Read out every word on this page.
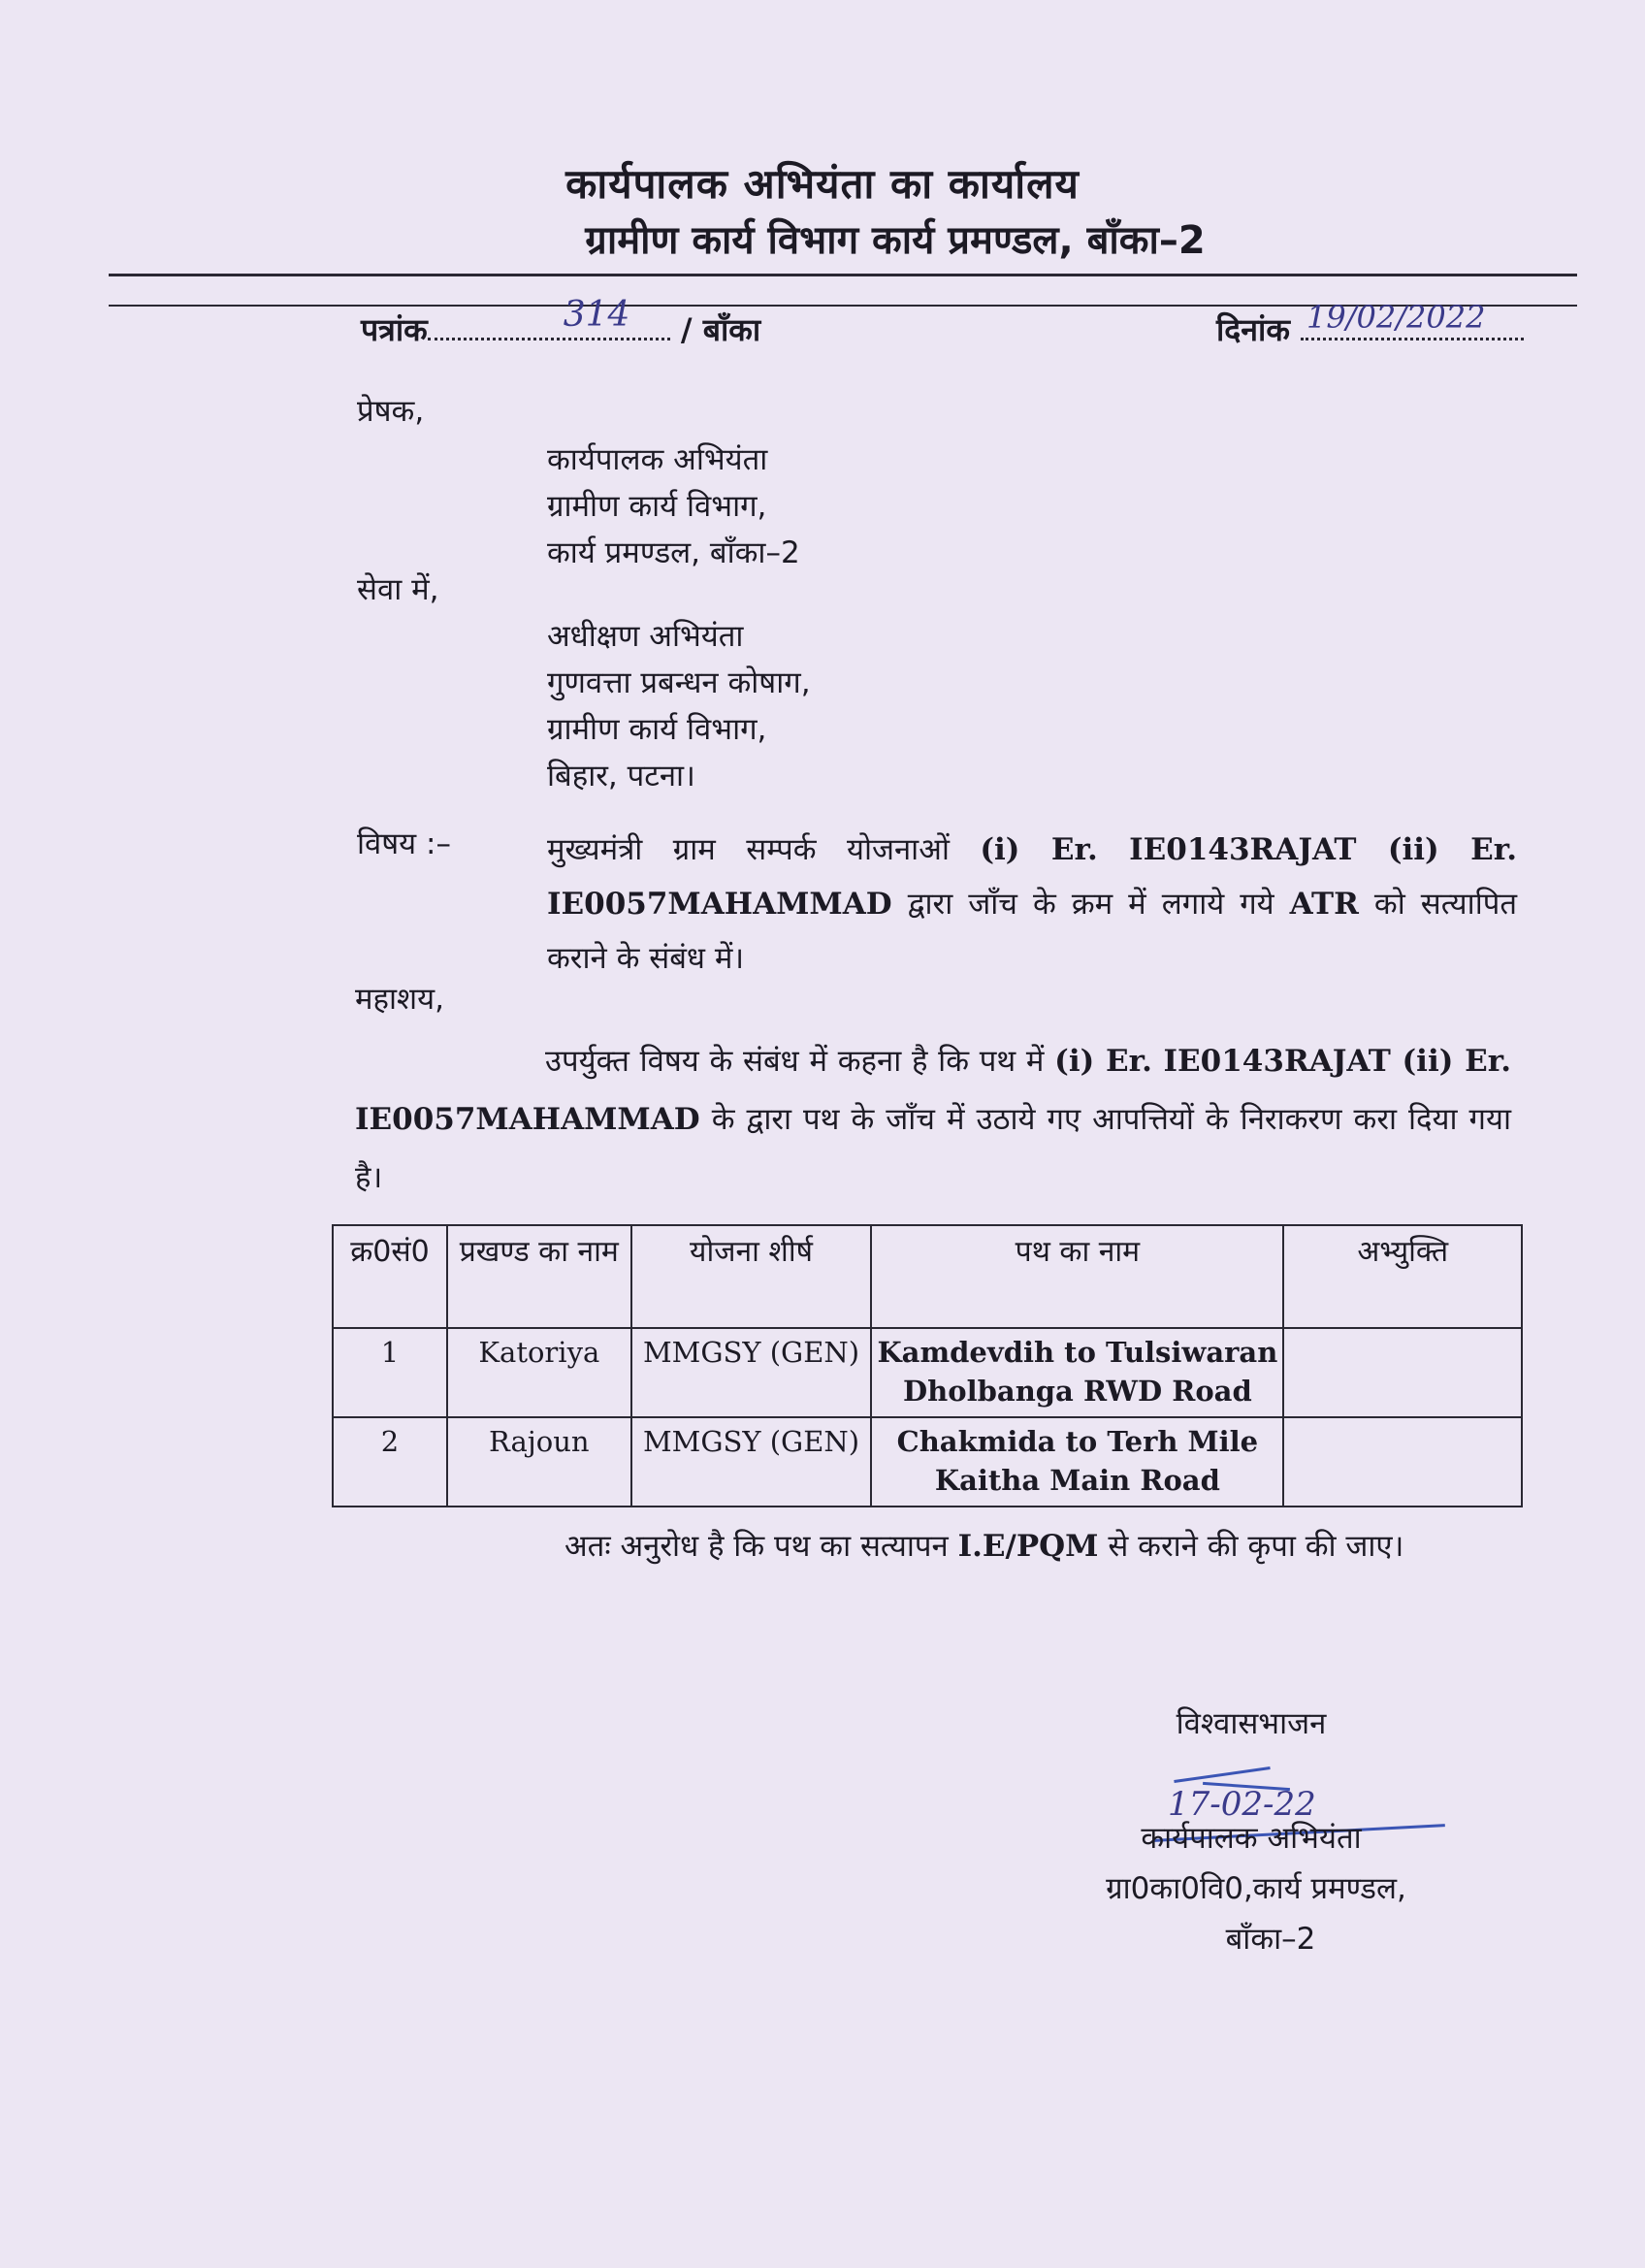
कार्यपालक अभियंता का कार्यालय
ग्रामीण कार्य विभाग कार्य प्रमण्डल, बाँका–2
पत्रांक	314 / बाँका	दिनांक 19/02/2022
प्रेषक,
कार्यपालक अभियंता
ग्रामीण कार्य विभाग,
कार्य प्रमण्डल, बाँका–2
सेवा में,
अधीक्षण अभियंता
गुणवत्ता प्रबन्धन कोषाग,
ग्रामीण कार्य विभाग,
बिहार, पटना।
विषय :–	मुख्यमंत्री ग्राम सम्पर्क योजनाओं (i) Er. IE0143RAJAT (ii) Er. IE0057MAHAMMAD द्वारा जाँच के क्रम में लगाये गये ATR को सत्यापित कराने के संबंध में।
महाशय,
उपर्युक्त विषय के संबंध में कहना है कि पथ में (i) Er. IE0143RAJAT (ii) Er. IE0057MAHAMMAD के द्वारा पथ के जाँच में उठाये गए आपत्तियों के निराकरण करा दिया गया है।
क्र0सं0	प्रखण्ड का नाम	योजना शीर्ष	पथ का नाम	अभ्युक्ति
1	Katoriya	MMGSY (GEN)	Kamdevdih to Tulsiwaran Dholbanga RWD Road	
2	Rajoun	MMGSY (GEN)	Chakmida to Terh Mile Kaitha Main Road	
अतः अनुरोध है कि पथ का सत्यापन I.E/PQM से कराने की कृपा की जाए।
विश्वासभाजन
17-02-22
कार्यपालक अभियंता
ग्रा0का0वि0,कार्य प्रमण्डल,
बाँका–2
